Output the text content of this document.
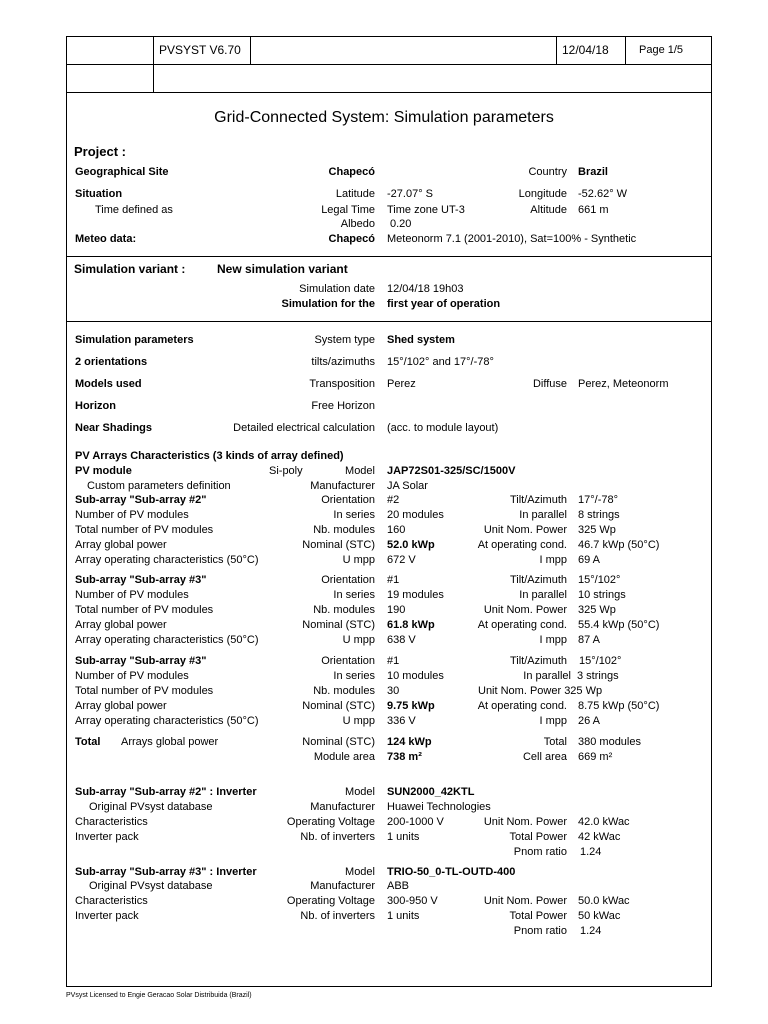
PVSYST V6.70	12/04/18	Page 1/5
Grid-Connected System: Simulation parameters
Project :
Geographical Site	Chapecó	Country Brazil
Situation	Latitude -27.07° S	Longitude -52.62° W
Time defined as	Legal Time Time zone UT-3	Altitude 661 m
Albedo 0.20
Meteo data:	Chapecó Meteonorm 7.1 (2001-2010), Sat=100% - Synthetic
Simulation variant :	New simulation variant
Simulation date 12/04/18 19h03
Simulation for the first year of operation
Simulation parameters	System type Shed system
2 orientations	tilts/azimuths 15°/102° and 17°/-78°
Models used	Transposition Perez	Diffuse Perez, Meteonorm
Horizon	Free Horizon
Near Shadings	Detailed electrical calculation (acc. to module layout)
PV Arrays Characteristics (3 kinds of array defined)
PV module	Si-poly	Model JAP72S01-325/SC/1500V
Custom parameters definition	Manufacturer JA Solar
Sub-array "Sub-array #2"	Orientation #2	Tilt/Azimuth 17°/-78°
Number of PV modules	In series 20 modules	In parallel 8 strings
Total number of PV modules	Nb. modules 160	Unit Nom. Power 325 Wp
Array global power	Nominal (STC) 52.0 kWp	At operating cond. 46.7 kWp (50°C)
Array operating characteristics (50°C)	U mpp 672 V	I mpp 69 A
Sub-array "Sub-array #3"	Orientation #1	Tilt/Azimuth 15°/102°
Number of PV modules	In series 19 modules	In parallel 10 strings
Total number of PV modules	Nb. modules 190	Unit Nom. Power 325 Wp
Array global power	Nominal (STC) 61.8 kWp	At operating cond. 55.4 kWp (50°C)
Array operating characteristics (50°C)	U mpp 638 V	I mpp 87 A
Sub-array "Sub-array #3"	Orientation #1	Tilt/Azimuth 15°/102°
Number of PV modules	In series 10 modules	In parallel 3 strings
Total number of PV modules	Nb. modules 30	Unit Nom. Power 325 Wp
Array global power	Nominal (STC) 9.75 kWp	At operating cond. 8.75 kWp (50°C)
Array operating characteristics (50°C)	U mpp 336 V	I mpp 26 A
Total Arrays global power	Nominal (STC) 124 kWp	Total 380 modules
Module area 738 m²	Cell area 669 m²
Sub-array "Sub-array #2" : Inverter	Model SUN2000_42KTL
Original PVsyst database	Manufacturer Huawei Technologies
Characteristics	Operating Voltage 200-1000 V	Unit Nom. Power 42.0 kWac
Inverter pack	Nb. of inverters 1 units	Total Power 42 kWac
Pnom ratio 1.24
Sub-array "Sub-array #3" : Inverter	Model TRIO-50_0-TL-OUTD-400
Original PVsyst database	Manufacturer ABB
Characteristics	Operating Voltage 300-950 V	Unit Nom. Power 50.0 kWac
Inverter pack	Nb. of inverters 1 units	Total Power 50 kWac
Pnom ratio 1.24
PVsyst Licensed to Engie Geracao Solar Distribuida (Brazil)
